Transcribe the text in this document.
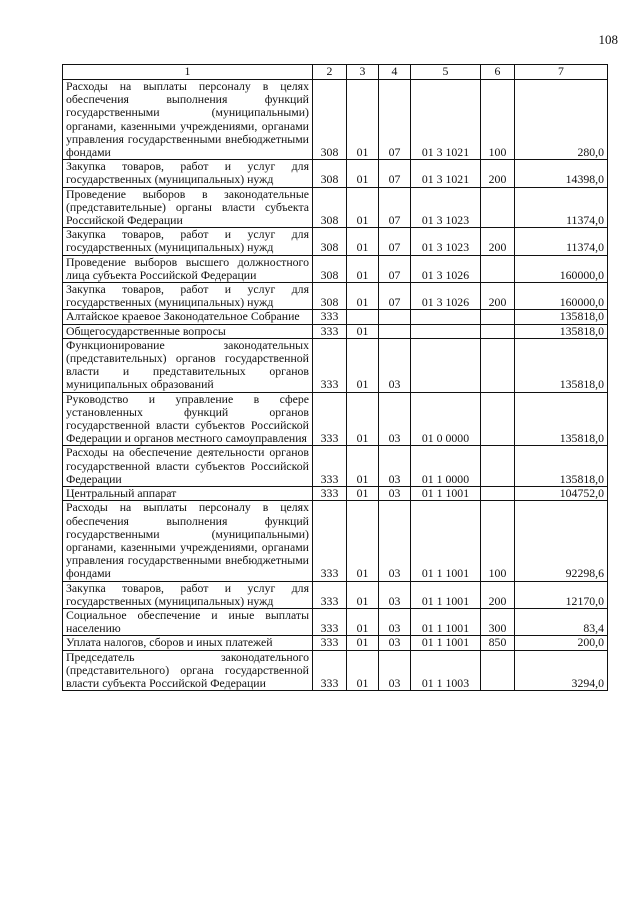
108
1	2	3	4	5	6	7
Расходы на выплаты персоналу в целях обеспечения выполнения функций государственными (муниципальными) органами, казенными учреждениями, органами управления государственными внебюджетными фондами	308	01	07	01 3 1021	100	280,0
Закупка товаров, работ и услуг для государственных (муниципальных) нужд	308	01	07	01 3 1021	200	14398,0
Проведение выборов в законодательные (представительные) органы власти субъекта Российской Федерации	308	01	07	01 3 1023		11374,0
Закупка товаров, работ и услуг для государственных (муниципальных) нужд	308	01	07	01 3 1023	200	11374,0
Проведение выборов высшего должностного лица субъекта Российской Федерации	308	01	07	01 3 1026		160000,0
Закупка товаров, работ и услуг для государственных (муниципальных) нужд	308	01	07	01 3 1026	200	160000,0
Алтайское краевое Законодательное Собрание	333					135818,0
Общегосударственные вопросы	333	01				135818,0
Функционирование законодательных (представительных) органов государственной власти и представительных органов муниципальных образований	333	01	03			135818,0
Руководство и управление в сфере установленных функций органов государственной власти субъектов Российской Федерации и органов местного самоуправления	333	01	03	01 0 0000		135818,0
Расходы на обеспечение деятельности органов государственной власти субъектов Российской Федерации	333	01	03	01 1 0000		135818,0
Центральный аппарат	333	01	03	01 1 1001		104752,0
Расходы на выплаты персоналу в целях обеспечения выполнения функций государственными (муниципальными) органами, казенными учреждениями, органами управления государственными внебюджетными фондами	333	01	03	01 1 1001	100	92298,6
Закупка товаров, работ и услуг для государственных (муниципальных) нужд	333	01	03	01 1 1001	200	12170,0
Социальное обеспечение и иные выплаты населению	333	01	03	01 1 1001	300	83,4
Уплата налогов, сборов и иных платежей	333	01	03	01 1 1001	850	200,0
Председатель законодательного (представительного) органа государственной власти субъекта Российской Федерации	333	01	03	01 1 1003		3294,0
